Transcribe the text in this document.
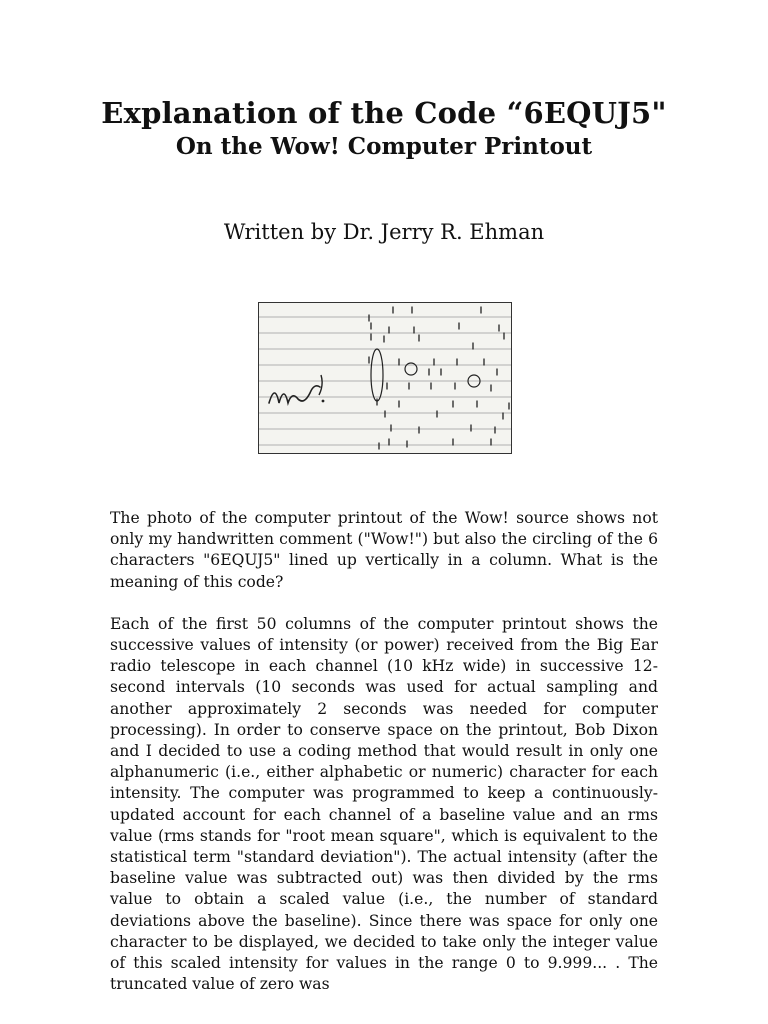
Explanation of the Code “6EQUJ5"
On the Wow! Computer Printout
Written by Dr. Jerry R. Ehman

The photo of the computer printout of the Wow! source shows not only my handwritten comment ("Wow!") but also the circling of the 6 characters "6EQUJ5" lined up vertically in a column. What is the meaning of this code?

Each of the first 50 columns of the computer printout shows the successive values of intensity (or power) received from the Big Ear radio telescope in each channel (10 kHz wide) in successive 12-second intervals (10 seconds was used for actual sampling and another approximately 2 seconds was needed for computer processing). In order to conserve space on the printout, Bob Dixon and I decided to use a coding method that would result in only one alphanumeric (i.e., either alphabetic or numeric) character for each intensity. The computer was programmed to keep a continuously-updated account for each channel of a baseline value and an rms value (rms stands for "root mean square", which is equivalent to the statistical term "standard deviation"). The actual intensity (after the baseline value was subtracted out) was then divided by the rms value to obtain a scaled value (i.e., the number of standard deviations above the baseline). Since there was space for only one character to be displayed, we decided to take only the integer value of this scaled intensity for values in the range 0 to 9.999... . The truncated value of zero was
